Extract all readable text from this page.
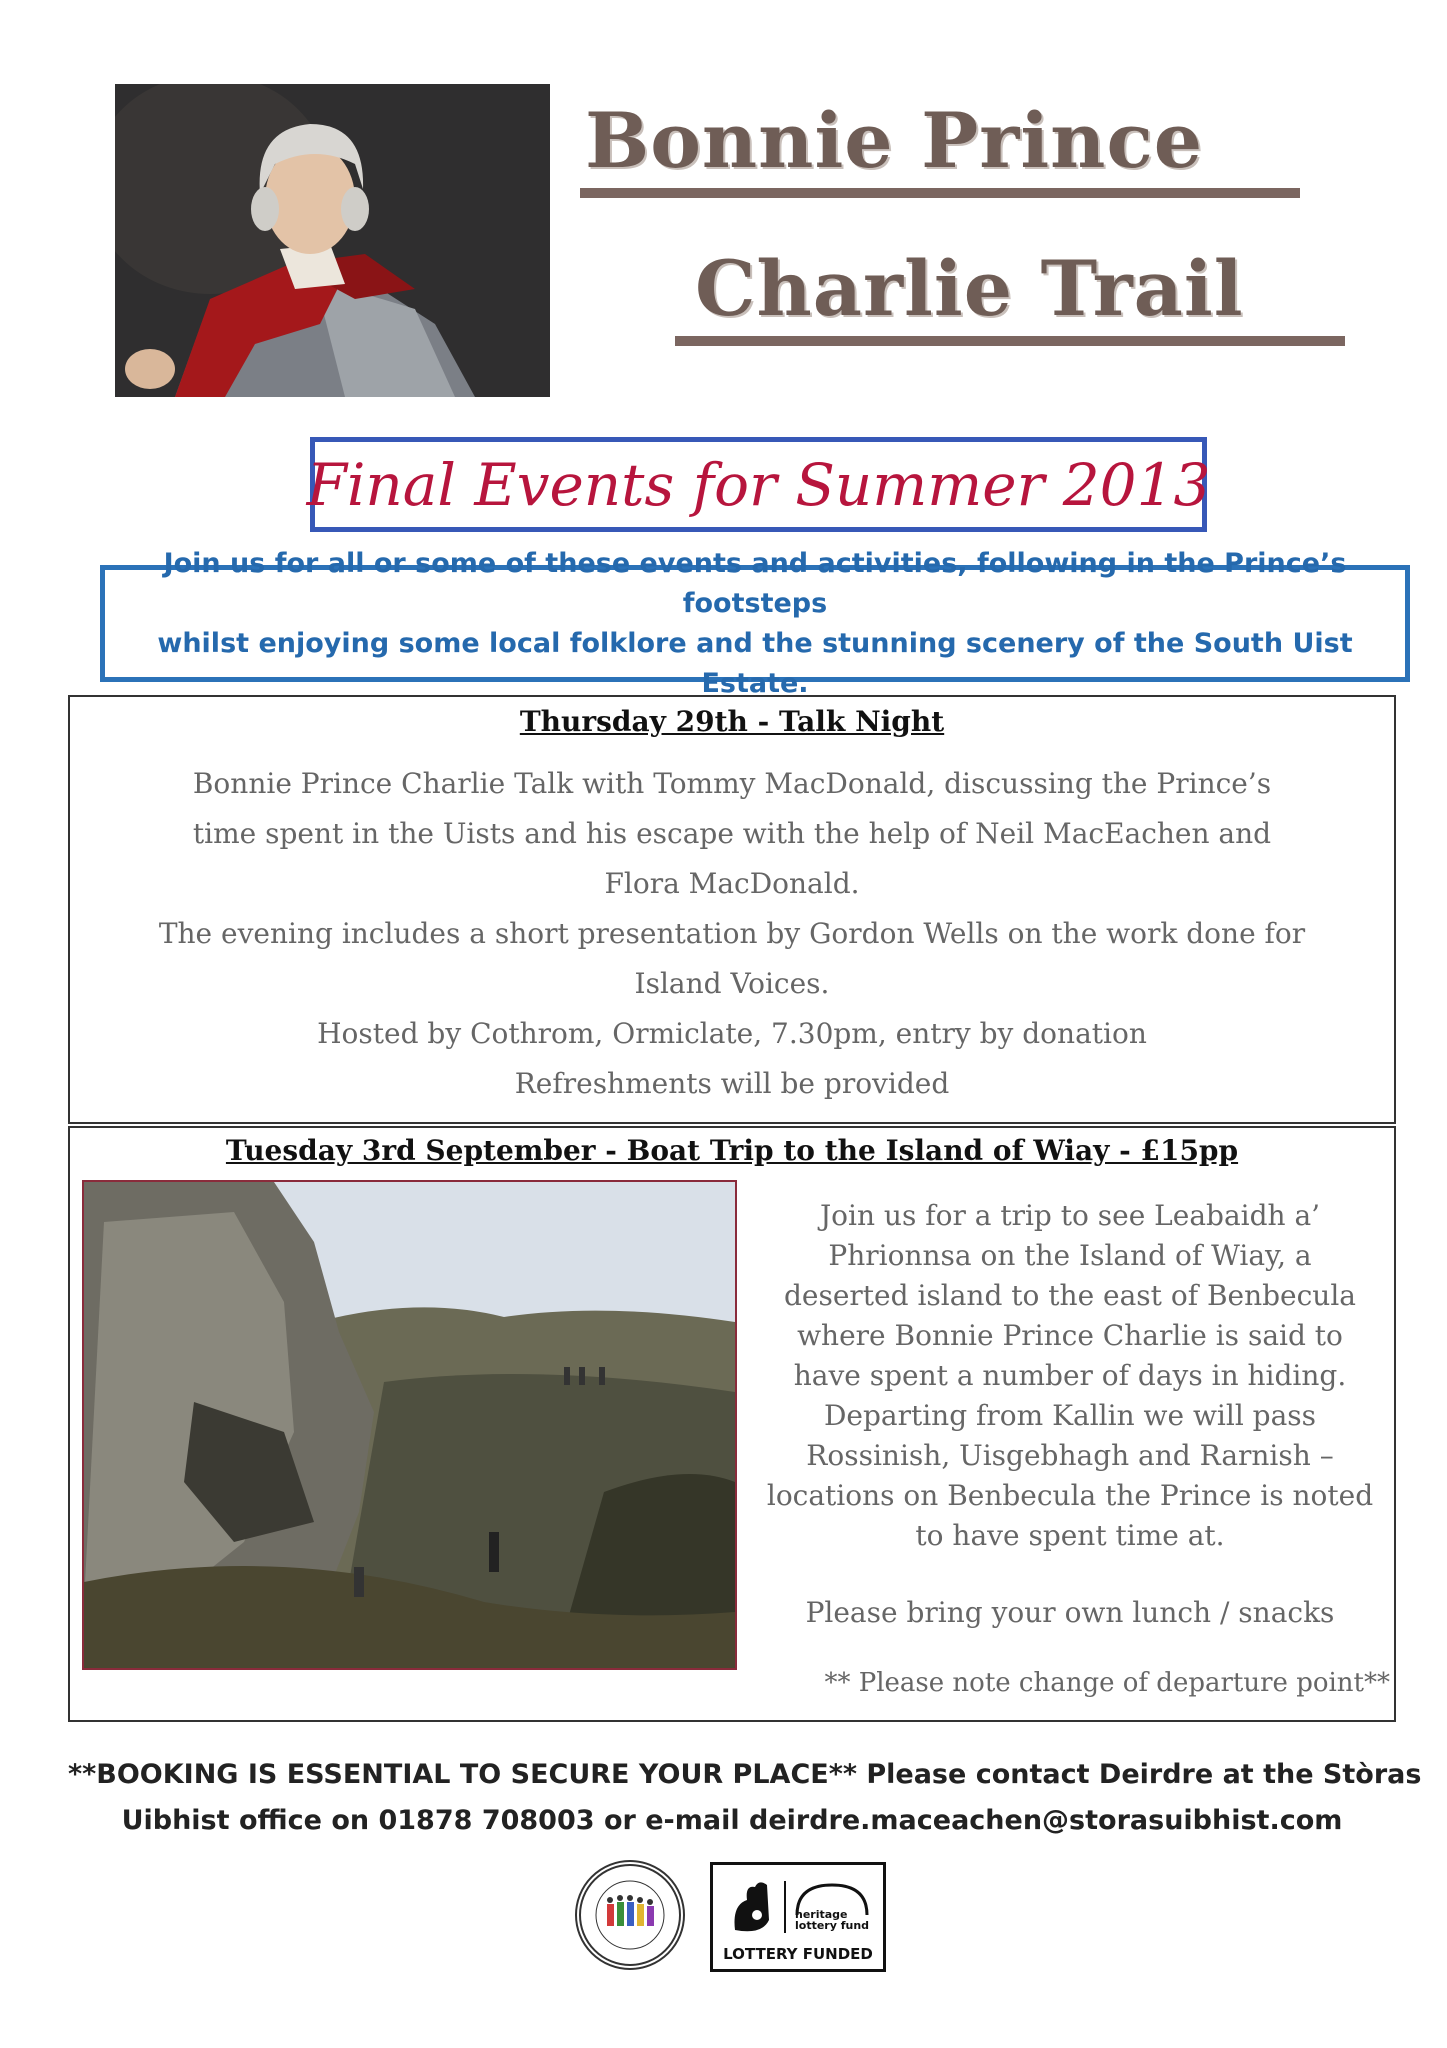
Bonnie Prince
Charlie Trail
Final Events for Summer 2013
Join us for all or some of these events and activities, following in the Prince’s footsteps
whilst enjoying some local folklore and the stunning scenery of the South Uist Estate.
Thursday 29th - Talk Night
Bonnie Prince Charlie Talk with Tommy MacDonald, discussing the Prince’s
time spent in the Uists and his escape with the help of Neil MacEachen and
Flora MacDonald.
The evening includes a short presentation by Gordon Wells on the work done for
Island Voices.
Hosted by Cothrom, Ormiclate, 7.30pm, entry by donation
Refreshments will be provided
Tuesday 3rd September - Boat Trip to the Island of Wiay - £15pp
Join us for a trip to see Leabaidh a’
Phrionnsa on the Island of Wiay, a
deserted island to the east of Benbecula
where Bonnie Prince Charlie is said to
have spent a number of days in hiding.
Departing from Kallin we will pass
Rossinish, Uisgebhagh and Rarnish –
locations on Benbecula the Prince is noted
to have spent time at.
Please bring your own lunch / snacks
** Please note change of departure point**
**BOOKING IS ESSENTIAL TO SECURE YOUR PLACE** Please contact Deirdre at the Stòras
Uibhist office on 01878 708003 or e-mail deirdre.maceachen@storasuibhist.com
heritage lottery fund
LOTTERY FUNDED
